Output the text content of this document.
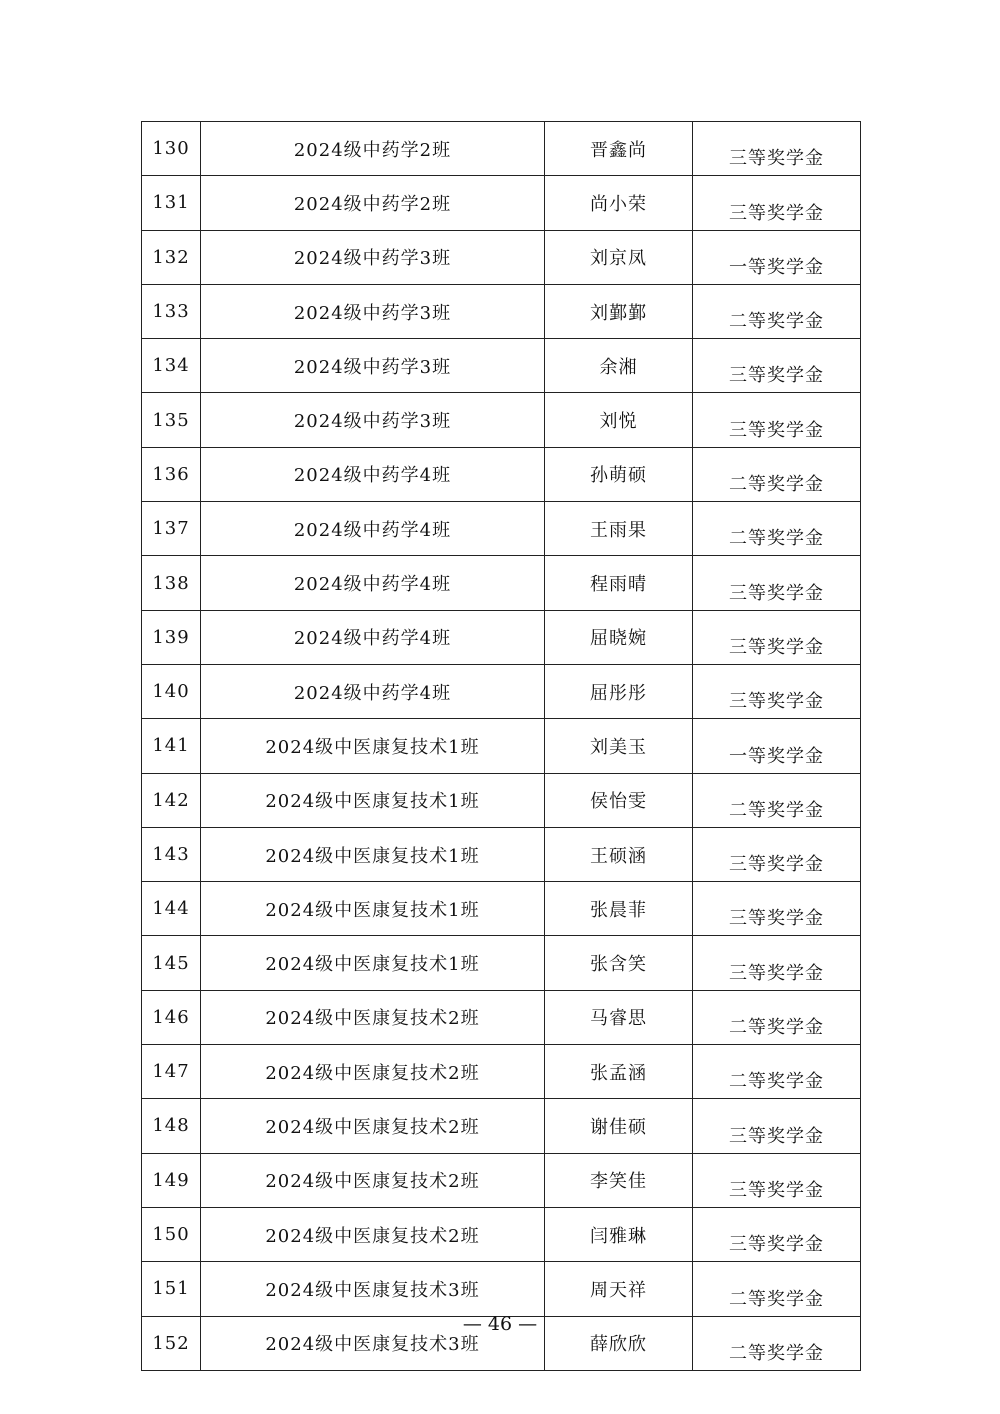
130	2024级中药学2班	晋鑫尚	三等奖学金
131	2024级中药学2班	尚小荣	三等奖学金
132	2024级中药学3班	刘京凤	一等奖学金
133	2024级中药学3班	刘鄞鄞	二等奖学金
134	2024级中药学3班	余湘	三等奖学金
135	2024级中药学3班	刘悦	三等奖学金
136	2024级中药学4班	孙萌硕	二等奖学金
137	2024级中药学4班	王雨果	二等奖学金
138	2024级中药学4班	程雨晴	三等奖学金
139	2024级中药学4班	屈晓婉	三等奖学金
140	2024级中药学4班	屈彤彤	三等奖学金
141	2024级中医康复技术1班	刘美玉	一等奖学金
142	2024级中医康复技术1班	侯怡雯	二等奖学金
143	2024级中医康复技术1班	王硕涵	三等奖学金
144	2024级中医康复技术1班	张晨菲	三等奖学金
145	2024级中医康复技术1班	张含笑	三等奖学金
146	2024级中医康复技术2班	马睿思	二等奖学金
147	2024级中医康复技术2班	张孟涵	二等奖学金
148	2024级中医康复技术2班	谢佳硕	三等奖学金
149	2024级中医康复技术2班	李笑佳	三等奖学金
150	2024级中医康复技术2班	闫雅琳	三等奖学金
151	2024级中医康复技术3班	周天祥	二等奖学金
152	2024级中医康复技术3班	薛欣欣	二等奖学金
— 46 —
